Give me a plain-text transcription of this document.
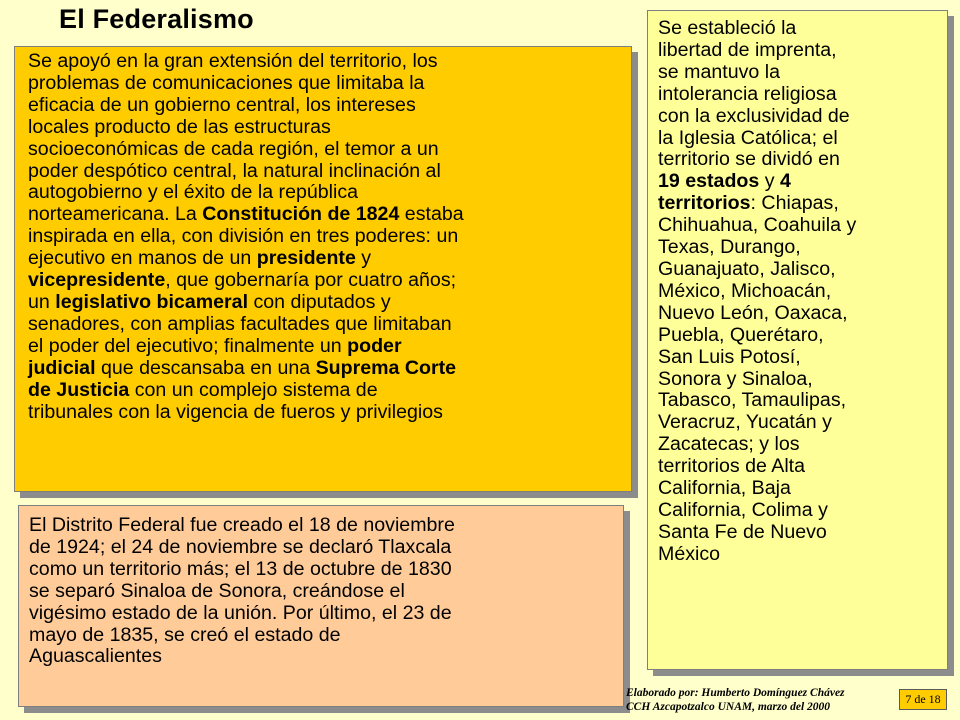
El Federalismo
Se apoyó en la gran extensión del territorio, los
problemas de comunicaciones que limitaba la
eficacia de un gobierno central, los intereses
locales producto de las estructuras
socioeconómicas de cada región, el temor a un
poder despótico central, la natural inclinación al
autogobierno y el éxito de la república
norteamericana. La Constitución de 1824 estaba
inspirada en ella, con división en tres poderes: un
ejecutivo en manos de un presidente y
vicepresidente, que gobernaría por cuatro años;
un legislativo bicameral con diputados y
senadores, con amplias facultades que limitaban
el poder del ejecutivo; finalmente un poder
judicial que descansaba en una Suprema Corte
de Justicia con un complejo sistema de
tribunales con la vigencia de fueros y privilegios
El Distrito Federal fue creado el 18 de noviembre
de 1924; el 24 de noviembre se declaró Tlaxcala
como un territorio más; el 13 de octubre de 1830
se separó Sinaloa de Sonora, creándose el
vigésimo estado de la unión. Por último, el 23 de
mayo de 1835, se creó el estado de
Aguascalientes
Se estableció la
libertad de imprenta,
se mantuvo la
intolerancia religiosa
con la exclusividad de
la Iglesia Católica; el
territorio se dividó en
19 estados y 4
territorios: Chiapas,
Chihuahua, Coahuila y
Texas, Durango,
Guanajuato, Jalisco,
México, Michoacán,
Nuevo León, Oaxaca,
Puebla, Querétaro,
San Luis Potosí,
Sonora y Sinaloa,
Tabasco, Tamaulipas,
Veracruz, Yucatán y
Zacatecas; y los
territorios de Alta
California, Baja
California, Colima y
Santa Fe de Nuevo
México
Elaborado por: Humberto Domínguez Chávez
CCH Azcapotzalco UNAM, marzo del 2000
7 de 18
